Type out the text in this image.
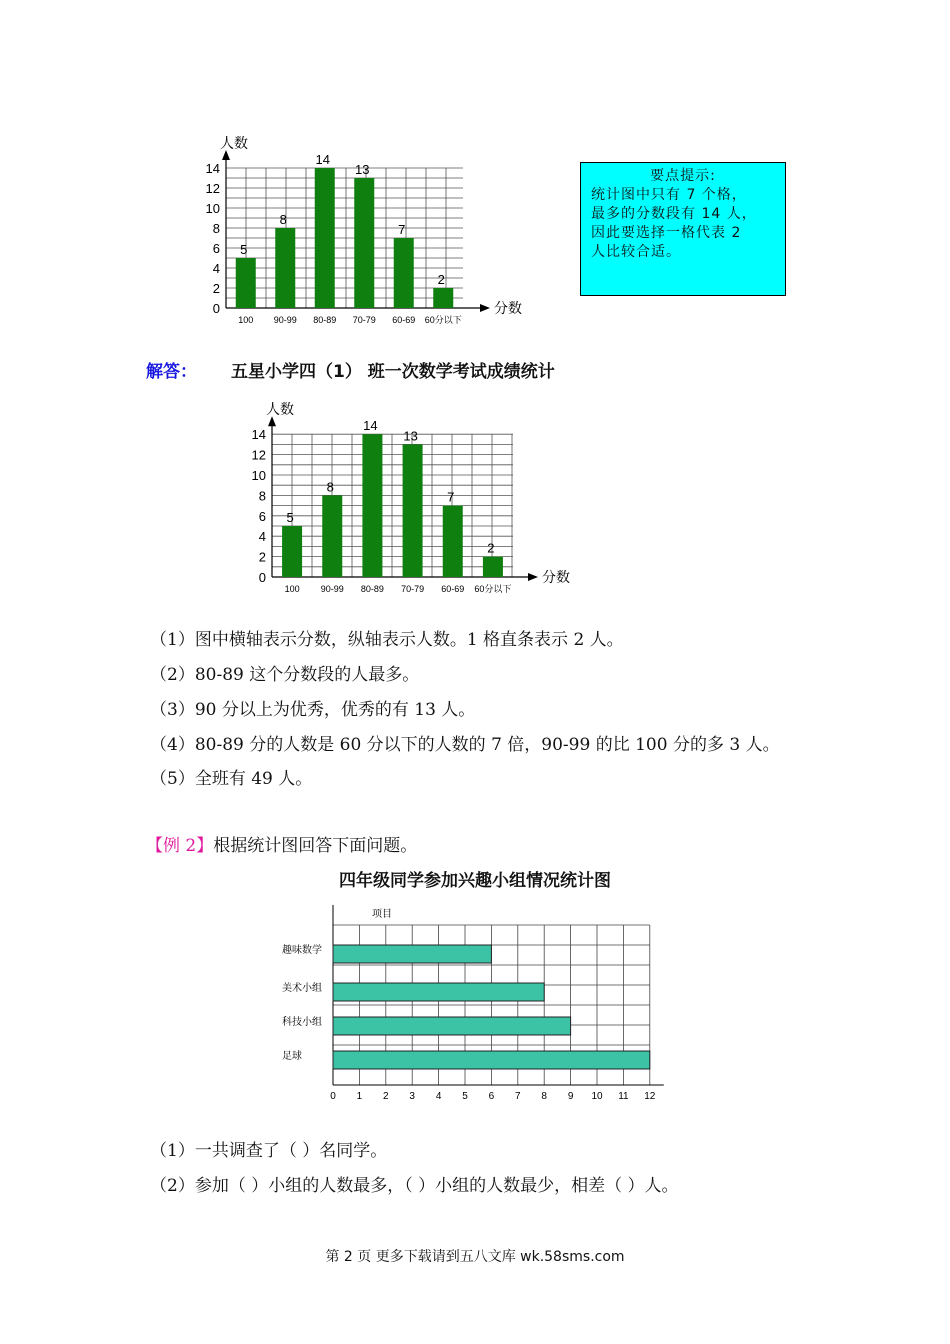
人数
分数
0
2
4
6
8
10
12
14
5
100
8
90-99
14
80-89
13
70-79
7
60-69
2
60分以下
要点提示:
统计图中只有 7 个格，
最多的分数段有 14 人，
因此要选择一格代表 2
人比较合适。
解答： 五星小学四（1） 班一次数学考试成绩统计
人数
分数
0
2
4
6
8
10
12
14
5
100
8
90-99
14
80-89
13
70-79
7
60-69
2
60分以下
（1）图中横轴表示分数，纵轴表示人数。1 格直条表示 2 人。
（2）80-89 这个分数段的人最多。
（3）90 分以上为优秀，优秀的有 13 人。
（4）80-89 分的人数是 60 分以下的人数的 7 倍，90-99 的比 100 分的多 3 人。
（5）全班有 49 人。
【例 2】根据统计图回答下面问题。
四年级同学参加兴趣小组情况统计图
项目
0 1 2 3 4 5 6 7 8 9 10 11 12
趣味数学
美术小组
科技小组
足球
（1）一共调查了（ ）名同学。
（2）参加（ ）小组的人数最多，（ ）小组的人数最少，相差（ ）人。
第 2 页 更多下载请到五八文库 wk.58sms.com
